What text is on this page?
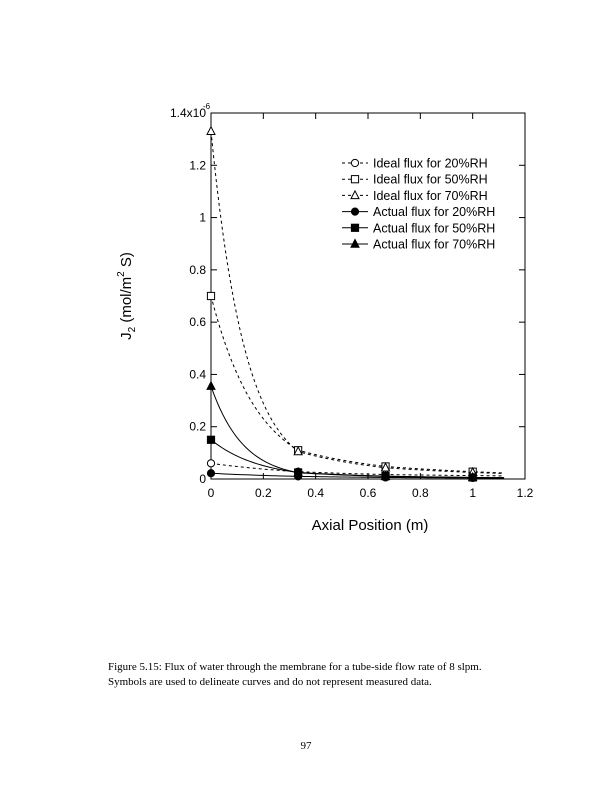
0	0.2	0.4	0.6	0.8	1	1.2
0
0.2
0.4
0.6
0.8
1
1.2
1.4x10
-6
Axial Position (m)
$J_2$ ($mol/m^2$ S)
Ideal flux for 20%RH
Ideal flux for 50%RH
Ideal flux for 70%RH
Actual flux for 20%RH
Actual flux for 50%RH
Actual flux for 70%RH
Figure 5.15: Flux of water through the membrane for a tube-side flow rate of 8 slpm.
Symbols are used to delineate curves and do not represent measured data.
97
